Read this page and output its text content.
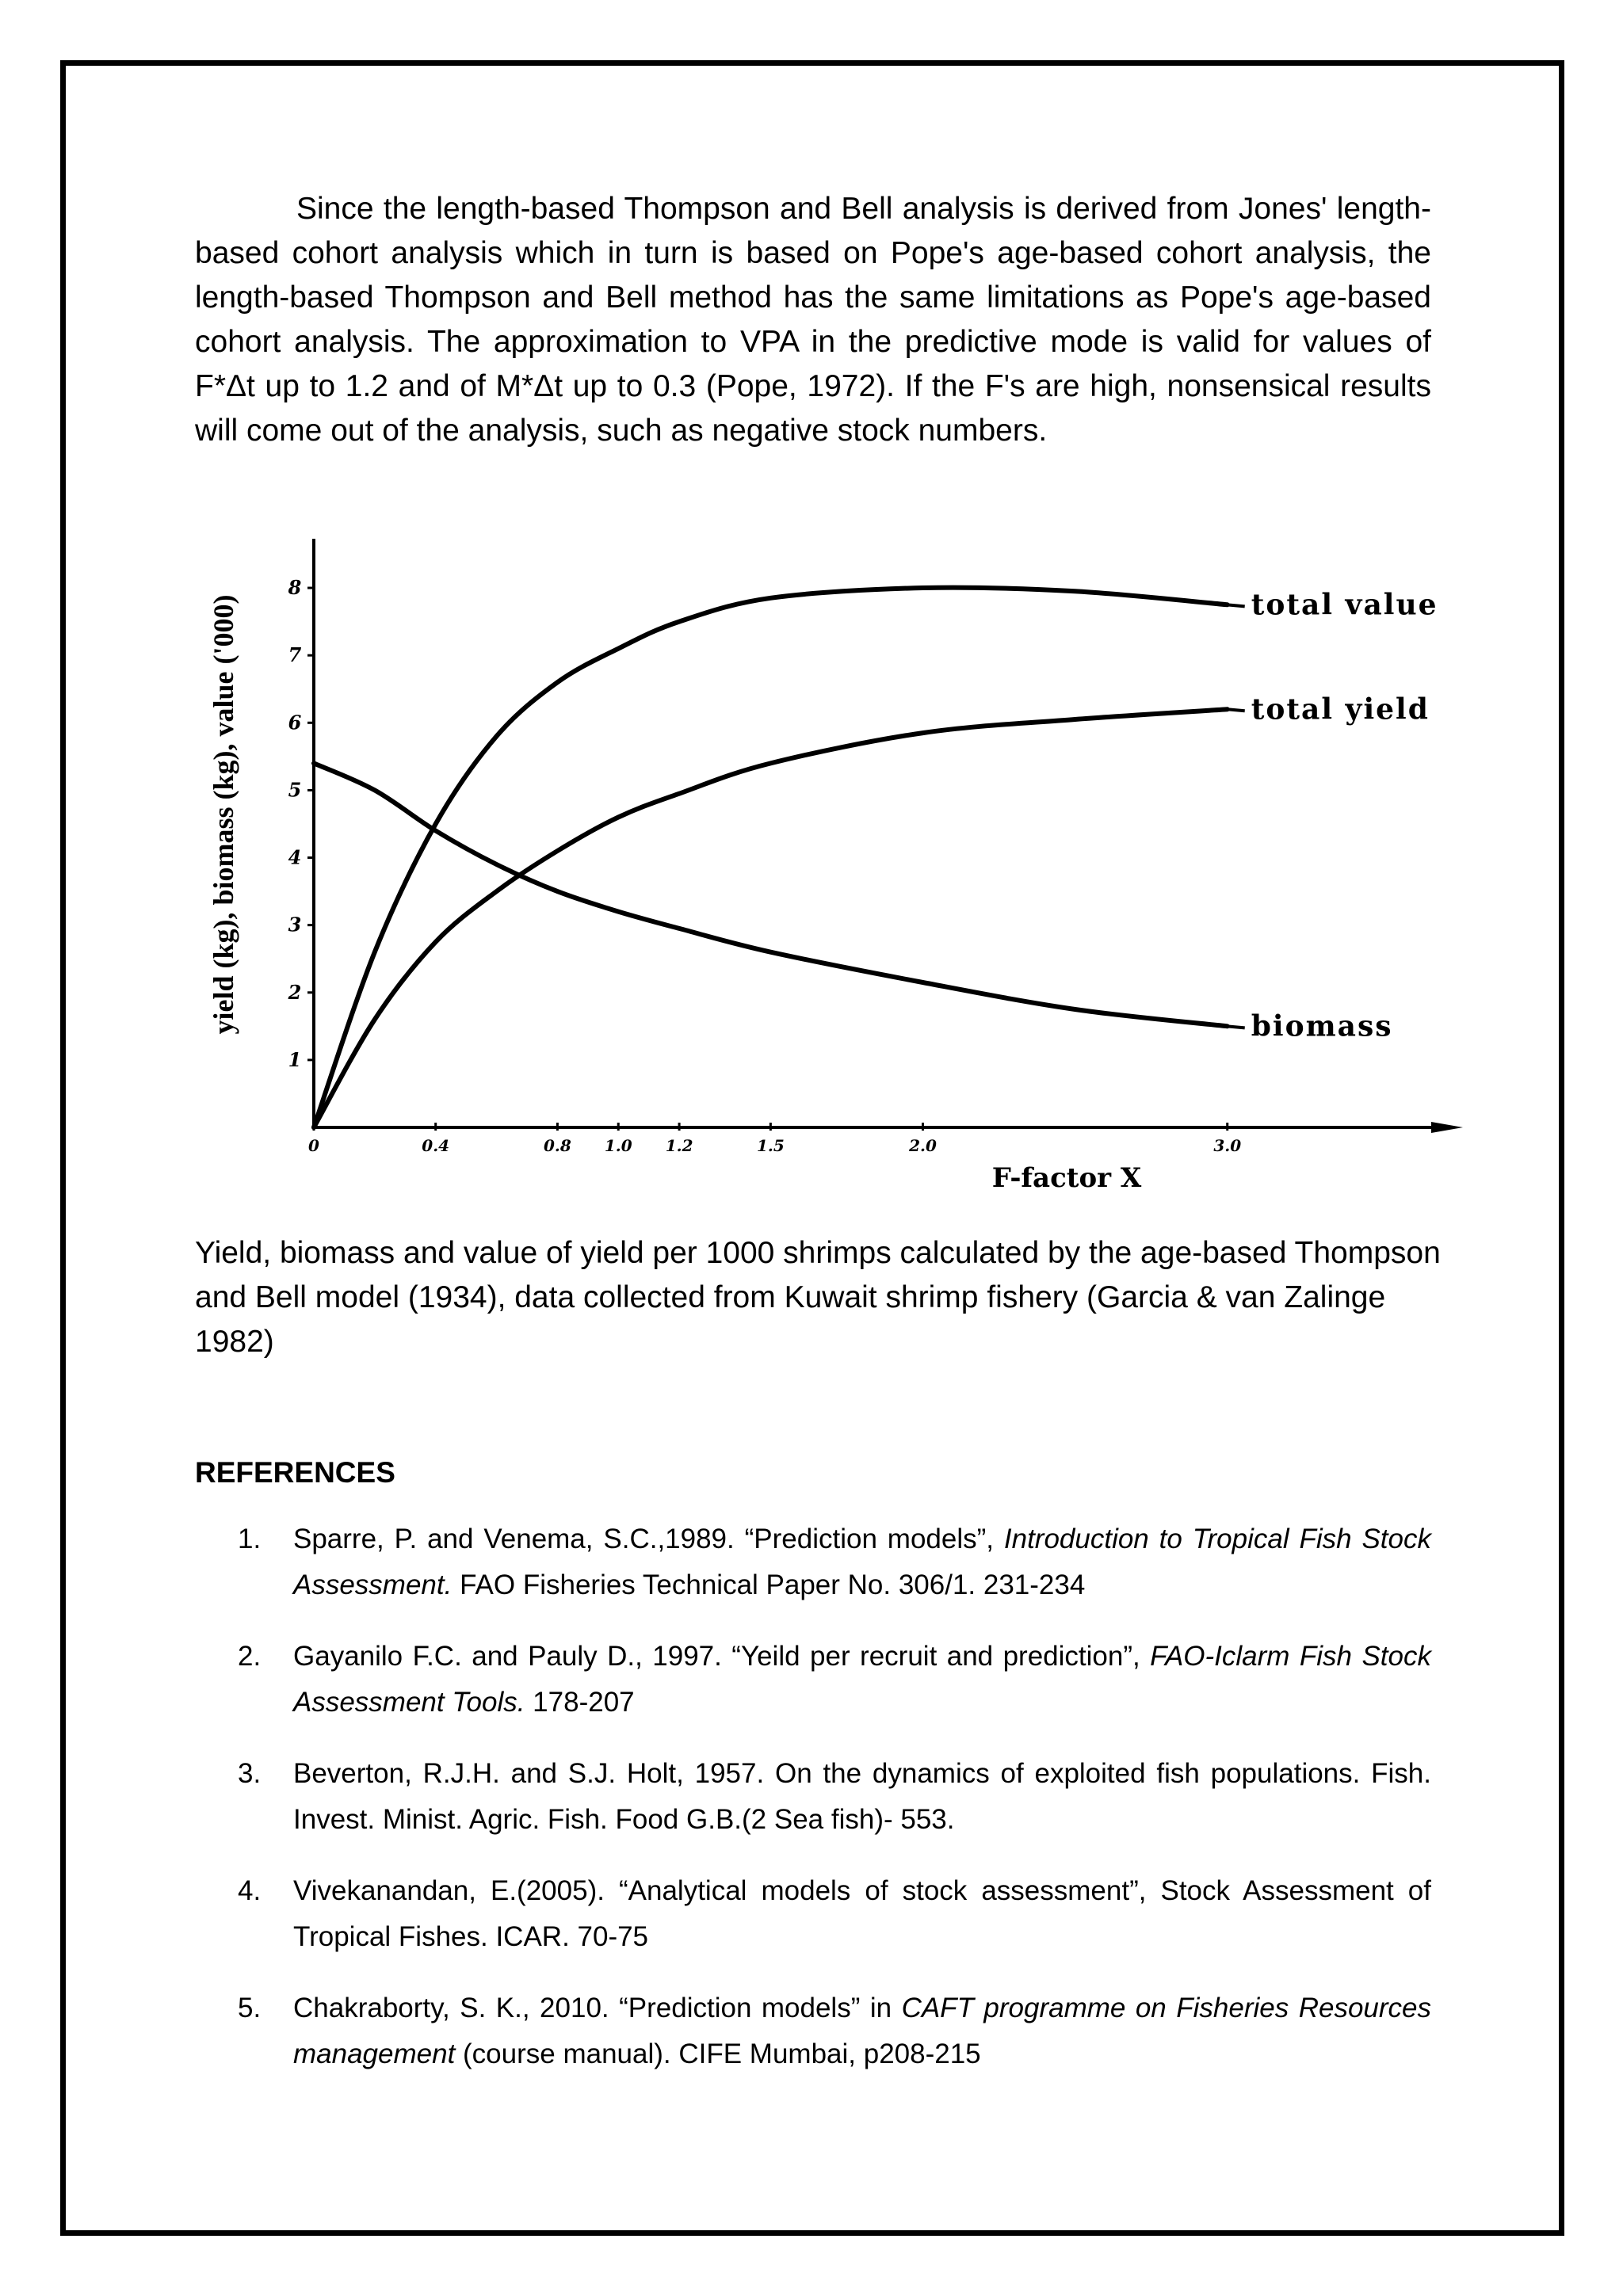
Since the length-based Thompson and Bell analysis is derived from Jones' length-based cohort analysis which in turn is based on Pope's age-based cohort analysis, the length-based Thompson and Bell method has the same limitations as Pope's age-based cohort analysis. The approximation to VPA in the predictive mode is valid for values of F*Δt up to 1.2 and of M*Δt up to 0.3 (Pope, 1972). If the F's are high, nonsensical results will come out of the analysis, such as negative stock numbers.

0	0.4	0.8 1.0 1.2	1.5	2.0	3.0
1
2
3
4
5
6
7
8
F-factor X
yield (kg), biomass (kg), value ('000)	total value
total yield
biomass

Yield, biomass and value of yield per 1000 shrimps calculated by the age-based Thompson and Bell model (1934), data collected from Kuwait shrimp fishery (Garcia & van Zalinge 1982)

REFERENCES

1. Sparre, P. and Venema, S.C.,1989. “Prediction models”, Introduction to Tropical Fish Stock Assessment. FAO Fisheries Technical Paper No. 306/1. 231-234
2. Gayanilo F.C. and Pauly D., 1997. “Yeild per recruit and prediction”, FAO-Iclarm Fish Stock Assessment Tools. 178-207
3. Beverton, R.J.H. and S.J. Holt, 1957. On the dynamics of exploited fish populations. Fish. Invest. Minist. Agric. Fish. Food G.B.(2 Sea fish)- 553.
4. Vivekanandan, E.(2005). “Analytical models of stock assessment”, Stock Assessment of Tropical Fishes. ICAR. 70-75
5. Chakraborty, S. K., 2010. “Prediction models” in CAFT programme on Fisheries Resources management (course manual). CIFE Mumbai, p208-215
